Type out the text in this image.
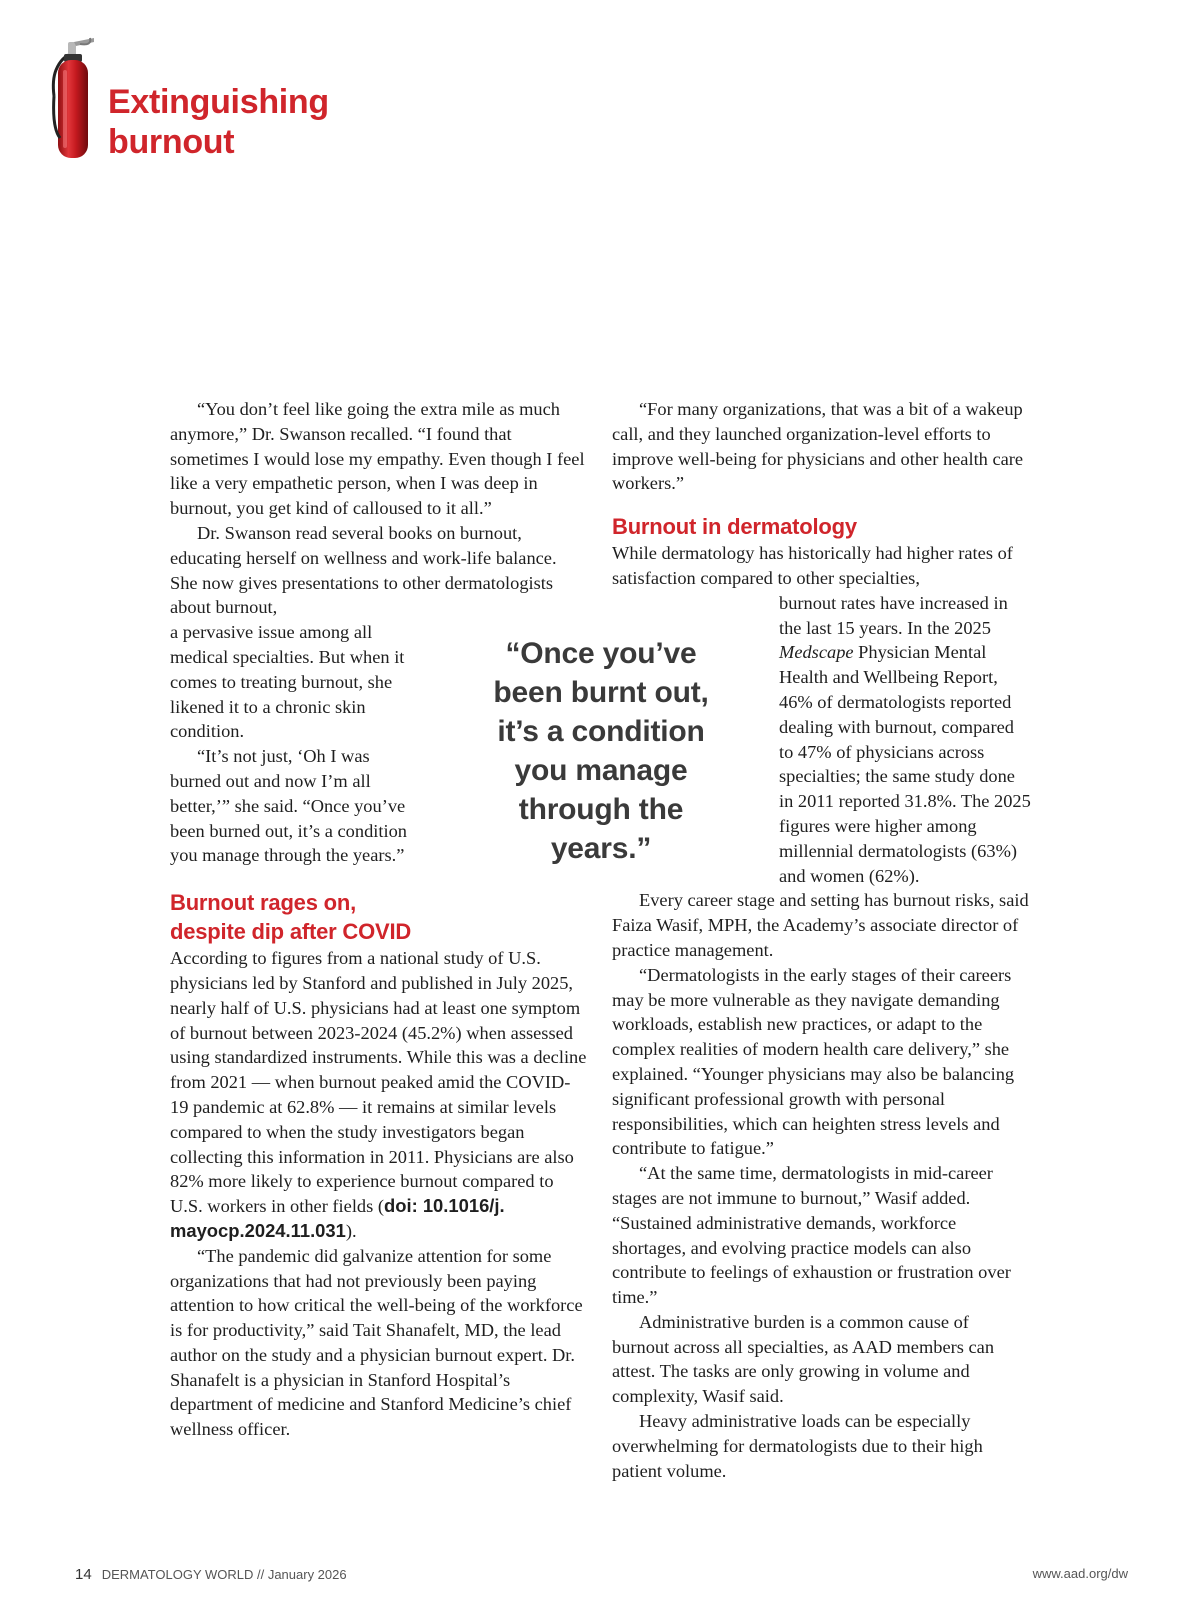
Extinguishing
burnout

“You don’t feel like going the extra mile as much anymore,” Dr. Swanson recalled. “I found that sometimes I would lose my empathy. Even though I feel like a very empathetic person, when I was deep in burnout, you get kind of calloused to it all.”

Dr. Swanson read several books on burnout, educating herself on wellness and work-life balance. She now gives presentations to other dermatologists about burnout,

a pervasive issue among all medical specialties. But when it comes to treating burnout, she likened it to a chronic skin condition.

“It’s not just, ‘Oh I was burned out and now I’m all better,’” she said. “Once you’ve been burned out, it’s a condition you manage through the years.”

Burnout rages on,
despite dip after COVID

According to figures from a national study of U.S. physicians led by Stanford and published in July 2025, nearly half of U.S. physicians had at least one symptom of burnout between 2023-2024 (45.2%) when assessed using standardized instruments. While this was a decline from 2021 — when burnout peaked amid the COVID-19 pandemic at 62.8% — it remains at similar levels compared to when the study investigators began collecting this information in 2011. Physicians are also 82% more likely to experience burnout compared to U.S. workers in other fields (doi: 10.1016/j.
mayocp.2024.11.031).

“The pandemic did galvanize attention for some organizations that had not previously been paying attention to how critical the well-being of the workforce is for productivity,” said Tait Shanafelt, MD, the lead author on the study and a physician burnout expert. Dr. Shanafelt is a physician in Stanford Hospital’s department of medicine and Stanford Medicine’s chief wellness officer.

“Once you’ve
been burnt out,
it’s a condition
you manage
through the
years.”

“For many organizations, that was a bit of a wakeup call, and they launched organization-level efforts to improve well-being for physicians and other health care workers.”

Burnout in dermatology

While dermatology has historically had higher rates of satisfaction compared to other specialties,

burnout rates have increased in the last 15 years. In the 2025 Medscape Physician Mental Health and Wellbeing Report, 46% of dermatologists reported dealing with burnout, compared to 47% of physicians across specialties; the same study done in 2011 reported 31.8%. The 2025 figures were higher among millennial dermatologists (63%) and women (62%).

Every career stage and setting has burnout risks, said Faiza Wasif, MPH, the Academy’s associate director of practice management.

“Dermatologists in the early stages of their careers may be more vulnerable as they navigate demanding workloads, establish new practices, or adapt to the complex realities of modern health care delivery,” she explained. “Younger physicians may also be balancing significant professional growth with personal responsibilities, which can heighten stress levels and contribute to fatigue.”

“At the same time, dermatologists in mid-career stages are not immune to burnout,” Wasif added. “Sustained administrative demands, workforce shortages, and evolving practice models can also contribute to feelings of exhaustion or frustration over time.”

Administrative burden is a common cause of burnout across all specialties, as AAD members can attest. The tasks are only growing in volume and complexity, Wasif said.

Heavy administrative loads can be especially overwhelming for dermatologists due to their high patient volume.

14 DERMATOLOGY WORLD // January 2026	www.aad.org/dw
